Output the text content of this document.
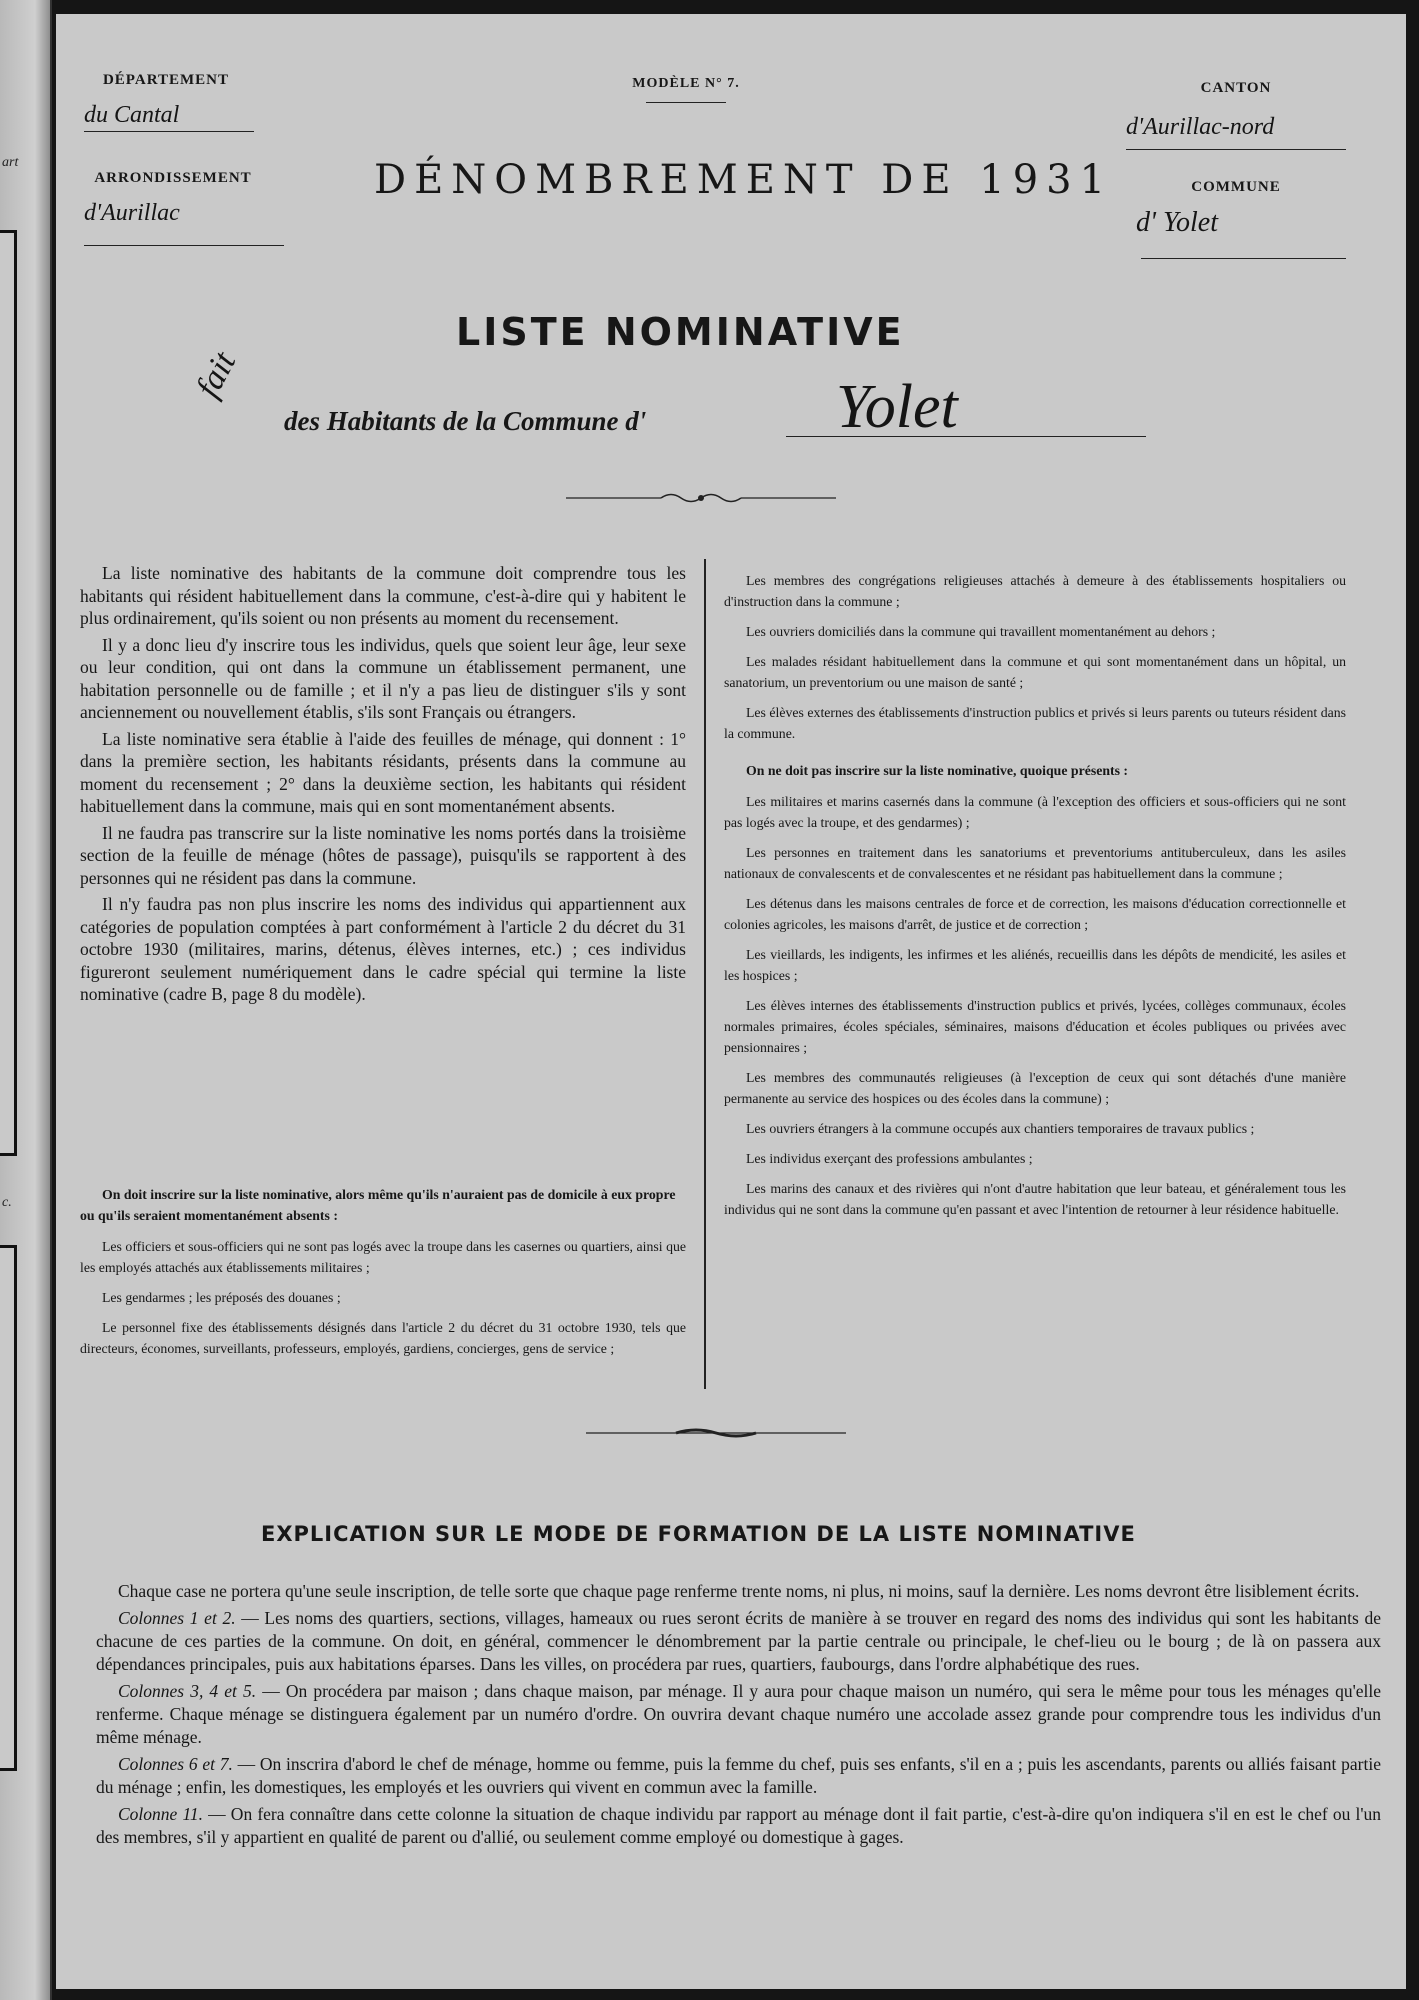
art
c.
DÉPARTEMENT
du Cantal
ARRONDISSEMENT
d'Aurillac
MODÈLE N° 7.
DÉNOMBREMENT DE 1931
CANTON
d'Aurillac-nord
COMMUNE
d' Yolet
LISTE NOMINATIVE
des Habitants de la Commune d'	Yolet
fait

La liste nominative des habitants de la commune doit comprendre tous les habitants qui résident habituellement dans la commune, c'est-à-dire qui y habitent le plus ordinairement, qu'ils soient ou non présents au moment du recensement.

Il y a donc lieu d'y inscrire tous les individus, quels que soient leur âge, leur sexe ou leur condition, qui ont dans la commune un établissement permanent, une habitation personnelle ou de famille ; et il n'y a pas lieu de distinguer s'ils y sont anciennement ou nouvellement établis, s'ils sont Français ou étrangers.

La liste nominative sera établie à l'aide des feuilles de ménage, qui donnent : 1° dans la première section, les habitants résidants, présents dans la commune au moment du recensement ; 2° dans la deuxième section, les habitants qui résident habituellement dans la commune, mais qui en sont momentanément absents.

Il ne faudra pas transcrire sur la liste nominative les noms portés dans la troisième section de la feuille de ménage (hôtes de passage), puisqu'ils se rapportent à des personnes qui ne résident pas dans la commune.

Il n'y faudra pas non plus inscrire les noms des individus qui appartiennent aux catégories de population comptées à part conformément à l'article 2 du décret du 31 octobre 1930 (militaires, marins, détenus, élèves internes, etc.) ; ces individus figureront seulement numériquement dans le cadre spécial qui termine la liste nominative (cadre B, page 8 du modèle).

On doit inscrire sur la liste nominative, alors même qu'ils n'auraient pas de domicile à eux propre ou qu'ils seraient momentanément absents :

Les officiers et sous-officiers qui ne sont pas logés avec la troupe dans les casernes ou quartiers, ainsi que les employés attachés aux établissements militaires ;

Les gendarmes ; les préposés des douanes ;

Le personnel fixe des établissements désignés dans l'article 2 du décret du 31 octobre 1930, tels que directeurs, économes, surveillants, professeurs, employés, gardiens, concierges, gens de service ;

Les membres des congrégations religieuses attachés à demeure à des établissements hospitaliers ou d'instruction dans la commune ;

Les ouvriers domiciliés dans la commune qui travaillent momentanément au dehors ;

Les malades résidant habituellement dans la commune et qui sont momentanément dans un hôpital, un sanatorium, un preventorium ou une maison de santé ;

Les élèves externes des établissements d'instruction publics et privés si leurs parents ou tuteurs résident dans la commune.

On ne doit pas inscrire sur la liste nominative, quoique présents :

Les militaires et marins casernés dans la commune (à l'exception des officiers et sous-officiers qui ne sont pas logés avec la troupe, et des gendarmes) ;

Les personnes en traitement dans les sanatoriums et preventoriums antituberculeux, dans les asiles nationaux de convalescents et de convalescentes et ne résidant pas habituellement dans la commune ;

Les détenus dans les maisons centrales de force et de correction, les maisons d'éducation correctionnelle et colonies agricoles, les maisons d'arrêt, de justice et de correction ;

Les vieillards, les indigents, les infirmes et les aliénés, recueillis dans les dépôts de mendicité, les asiles et les hospices ;

Les élèves internes des établissements d'instruction publics et privés, lycées, collèges communaux, écoles normales primaires, écoles spéciales, séminaires, maisons d'éducation et écoles publiques ou privées avec pensionnaires ;

Les membres des communautés religieuses (à l'exception de ceux qui sont détachés d'une manière permanente au service des hospices ou des écoles dans la commune) ;

Les ouvriers étrangers à la commune occupés aux chantiers temporaires de travaux publics ;

Les individus exerçant des professions ambulantes ;

Les marins des canaux et des rivières qui n'ont d'autre habitation que leur bateau, et généralement tous les individus qui ne sont dans la commune qu'en passant et avec l'intention de retourner à leur résidence habituelle.

EXPLICATION SUR LE MODE DE FORMATION DE LA LISTE NOMINATIVE

Chaque case ne portera qu'une seule inscription, de telle sorte que chaque page renferme trente noms, ni plus, ni moins, sauf la dernière. Les noms devront être lisiblement écrits.

Colonnes 1 et 2. — Les noms des quartiers, sections, villages, hameaux ou rues seront écrits de manière à se trouver en regard des noms des individus qui sont les habitants de chacune de ces parties de la commune. On doit, en général, commencer le dénombrement par la partie centrale ou principale, le chef-lieu ou le bourg ; de là on passera aux dépendances principales, puis aux habitations éparses. Dans les villes, on procédera par rues, quartiers, faubourgs, dans l'ordre alphabétique des rues.

Colonnes 3, 4 et 5. — On procédera par maison ; dans chaque maison, par ménage. Il y aura pour chaque maison un numéro, qui sera le même pour tous les ménages qu'elle renferme. Chaque ménage se distinguera également par un numéro d'ordre. On ouvrira devant chaque numéro une accolade assez grande pour comprendre tous les individus d'un même ménage.

Colonnes 6 et 7. — On inscrira d'abord le chef de ménage, homme ou femme, puis la femme du chef, puis ses enfants, s'il en a ; puis les ascendants, parents ou alliés faisant partie du ménage ; enfin, les domestiques, les employés et les ouvriers qui vivent en commun avec la famille.

Colonne 11. — On fera connaître dans cette colonne la situation de chaque individu par rapport au ménage dont il fait partie, c'est-à-dire qu'on indiquera s'il en est le chef ou l'un des membres, s'il y appartient en qualité de parent ou d'allié, ou seulement comme employé ou domestique à gages.
